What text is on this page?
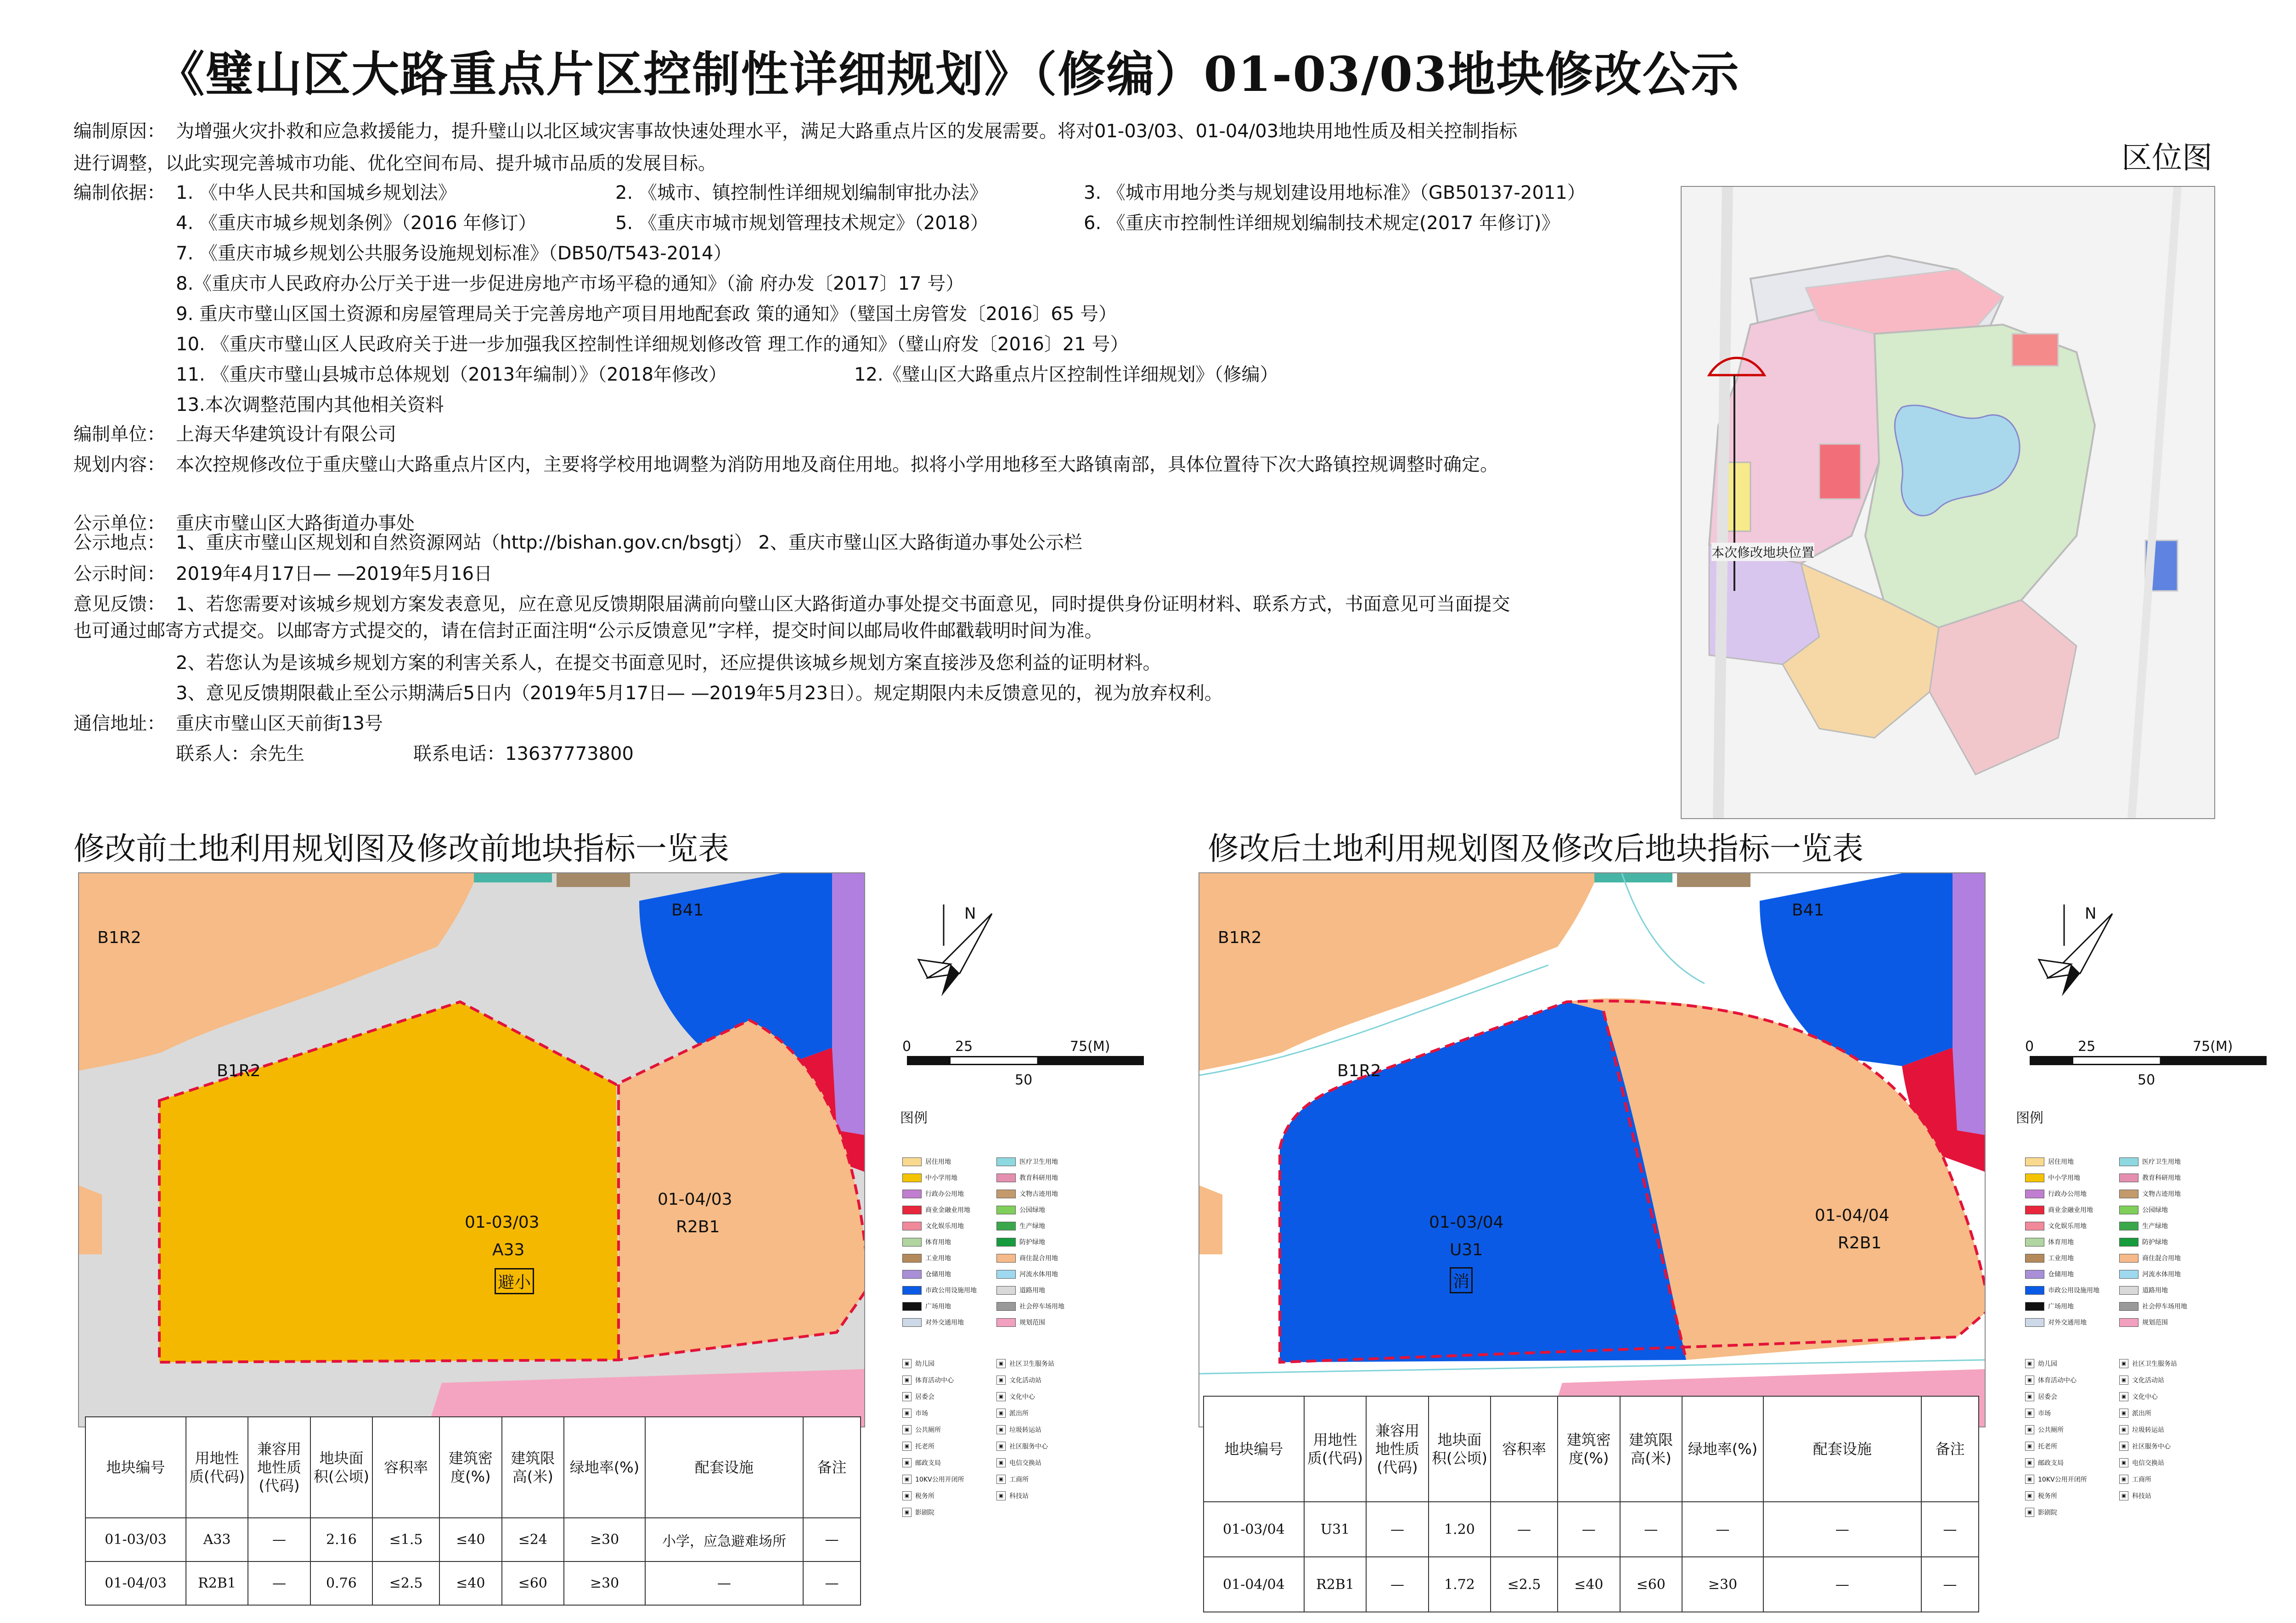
《璧山区大路重点片区控制性详细规划》（修编）01-03/03地块修改公示
编制原因： 为增强火灾扑救和应急救援能力，提升璧山以北区域灾害事故快速处理水平，满足大路重点片区的发展需要。将对01-03/03、01-04/03地块用地性质及相关控制指标
进行调整，以此实现完善城市功能、优化空间布局、提升城市品质的发展目标。
编制依据： 1. 《中华人民共和国城乡规划法》	2. 《城市、镇控制性详细规划编制审批办法》	3. 《城市用地分类与规划建设用地标准》（GB50137-2011）
4. 《重庆市城乡规划条例》（2016 年修订）	5. 《重庆市城市规划管理技术规定》（2018）	6. 《重庆市控制性详细规划编制技术规定(2017 年修订)》
7. 《重庆市城乡规划公共服务设施规划标准》（DB50/T543-2014）
8.《重庆市人民政府办公厅关于进一步促进房地产市场平稳的通知》（渝 府办发〔2017〕17 号）
9. 重庆市璧山区国土资源和房屋管理局关于完善房地产项目用地配套政 策的通知》（璧国土房管发〔2016〕65 号）
10. 《重庆市璧山区人民政府关于进一步加强我区控制性详细规划修改管 理工作的通知》（璧山府发〔2016〕21 号）
11. 《重庆市璧山县城市总体规划（2013年编制）》（2018年修改）	12.《璧山区大路重点片区控制性详细规划》（修编）
13.本次调整范围内其他相关资料
编制单位： 上海天华建筑设计有限公司
规划内容： 本次控规修改位于重庆璧山大路重点片区内，主要将学校用地调整为消防用地及商住用地。拟将小学用地移至大路镇南部，具体位置待下次大路镇控规调整时确定。
公示单位： 重庆市璧山区大路街道办事处
公示地点： 1、重庆市璧山区规划和自然资源网站（http://bishan.gov.cn/bsgtj） 2、重庆市璧山区大路街道办事处公示栏
公示时间： 2019年4月17日— —2019年5月16日
意见反馈： 1、若您需要对该城乡规划方案发表意见，应在意见反馈期限届满前向璧山区大路街道办事处提交书面意见，同时提供身份证明材料、联系方式，书面意见可当面提交
也可通过邮寄方式提交。以邮寄方式提交的，请在信封正面注明“公示反馈意见”字样，提交时间以邮局收件邮戳载明时间为准。
2、若您认为是该城乡规划方案的利害关系人，在提交书面意见时，还应提供该城乡规划方案直接涉及您利益的证明材料。
3、意见反馈期限截止至公示期满后5日内（2019年5月17日— —2019年5月23日）。规定期限内未反馈意见的，视为放弃权利。
通信地址： 重庆市璧山区天前街13号
联系人：余先生	联系电话：13637773800
区位图
本次修改地块位置
修改前土地利用规划图及修改前地块指标一览表	修改后土地利用规划图及修改后地块指标一览表
B1R2
B1R2
B41
01-03/03
A33
避小
01-04/03
R2B1
B1R2
B1R2
B41
01-03/04
U31
消
01-04/04
R2B1
N
0	25	75(M)
50
图例
居住用地	医疗卫生用地
中小学用地	教育科研用地
行政办公用地	文物古迹用地
商业金融业用地	公园绿地
文化娱乐用地	生产绿地
体育用地	防护绿地
工业用地	商住混合用地
仓储用地	河流水体用地
市政公用设施用地	道路用地
广场用地	社会停车场用地
对外交通用地	规划范围
▣ 幼儿园	▣ 社区卫生服务站
▣ 体育活动中心	▣ 文化活动站
▣ 居委会	▣ 文化中心
▣ 市场	▣ 派出所
▣ 公共厕所	▣ 垃圾转运站
▣ 托老所	▣ 社区服务中心
▣ 邮政支局	▣ 电信交换站
▣ 10KV公用开闭所	▣ 工商所
▣ 税务所	▣ 科技站
▣ 影剧院
N
0	25	75(M)
50
图例
居住用地	医疗卫生用地
中小学用地	教育科研用地
行政办公用地	文物古迹用地
商业金融业用地	公园绿地
文化娱乐用地	生产绿地
体育用地	防护绿地
工业用地	商住混合用地
仓储用地	河流水体用地
市政公用设施用地	道路用地
广场用地	社会停车场用地
对外交通用地	规划范围
▣ 幼儿园	▣ 社区卫生服务站
▣ 体育活动中心	▣ 文化活动站
▣ 居委会	▣ 文化中心
▣ 市场	▣ 派出所
▣ 公共厕所	▣ 垃圾转运站
▣ 托老所	▣ 社区服务中心
▣ 邮政支局	▣ 电信交换站
▣ 10KV公用开闭所	▣ 工商所
▣ 税务所	▣ 科技站
▣ 影剧院
地块编号	用地性质(代码)	兼容用地性质(代码)	地块面积(公顷)	容积率	建筑密度(%)	建筑限高(米)	绿地率(%)	配套设施	备注
01-03/03	A33	—	2.16	≤1.5	≤40	≤24	≥30	小学，应急避难场所	—
01-04/03	R2B1	—	0.76	≤2.5	≤40	≤60	≥30	—	—
地块编号	用地性质(代码)	兼容用地性质(代码)	地块面积(公顷)	容积率	建筑密度(%)	建筑限高(米)	绿地率(%)	配套设施	备注
01-03/04	U31	—	1.20	—	—	—	—	—	—
01-04/04	R2B1	—	1.72	≤2.5	≤40	≤60	≥30	—	—
